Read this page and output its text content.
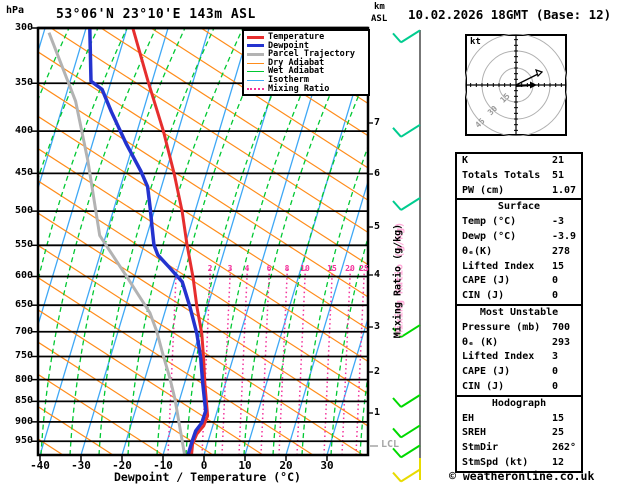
hPa 53°06'N 23°10'E 143m ASL	km
ASL 10.02.2026 18GMT (Base: 12)
300
350
400
450
500
550
600
650
700
750
800
850
900
950
-40	-30	-20	-10	0	10	20	30
7
6
5
4
3
2
1
2	3	4	6	8	10	15	20 25
Temperature
Dewpoint
Parcel Trajectory
Dry Adiabat
Wet Adiabat
Isotherm
Mixing Ratio
Mixing Ratio (g/kg)
LCL
Dewpoint / Temperature (°C)
15
30
45
kt
K	21
Totals Totals 51
PW (cm)	1.07
Surface
Temp (°C)	-3
Dewp (°C)	-3.9
θₑ(K)	278
Lifted Index 15
CAPE (J)	0
CIN (J)	0
Most Unstable
Pressure (mb) 700
θₑ (K)	293
Lifted Index 3
CAPE (J)	0
CIN (J)	0
Hodograph
EH	15
SREH	25
StmDir	262°
StmSpd (kt) 12
© weatheronline.co.uk
